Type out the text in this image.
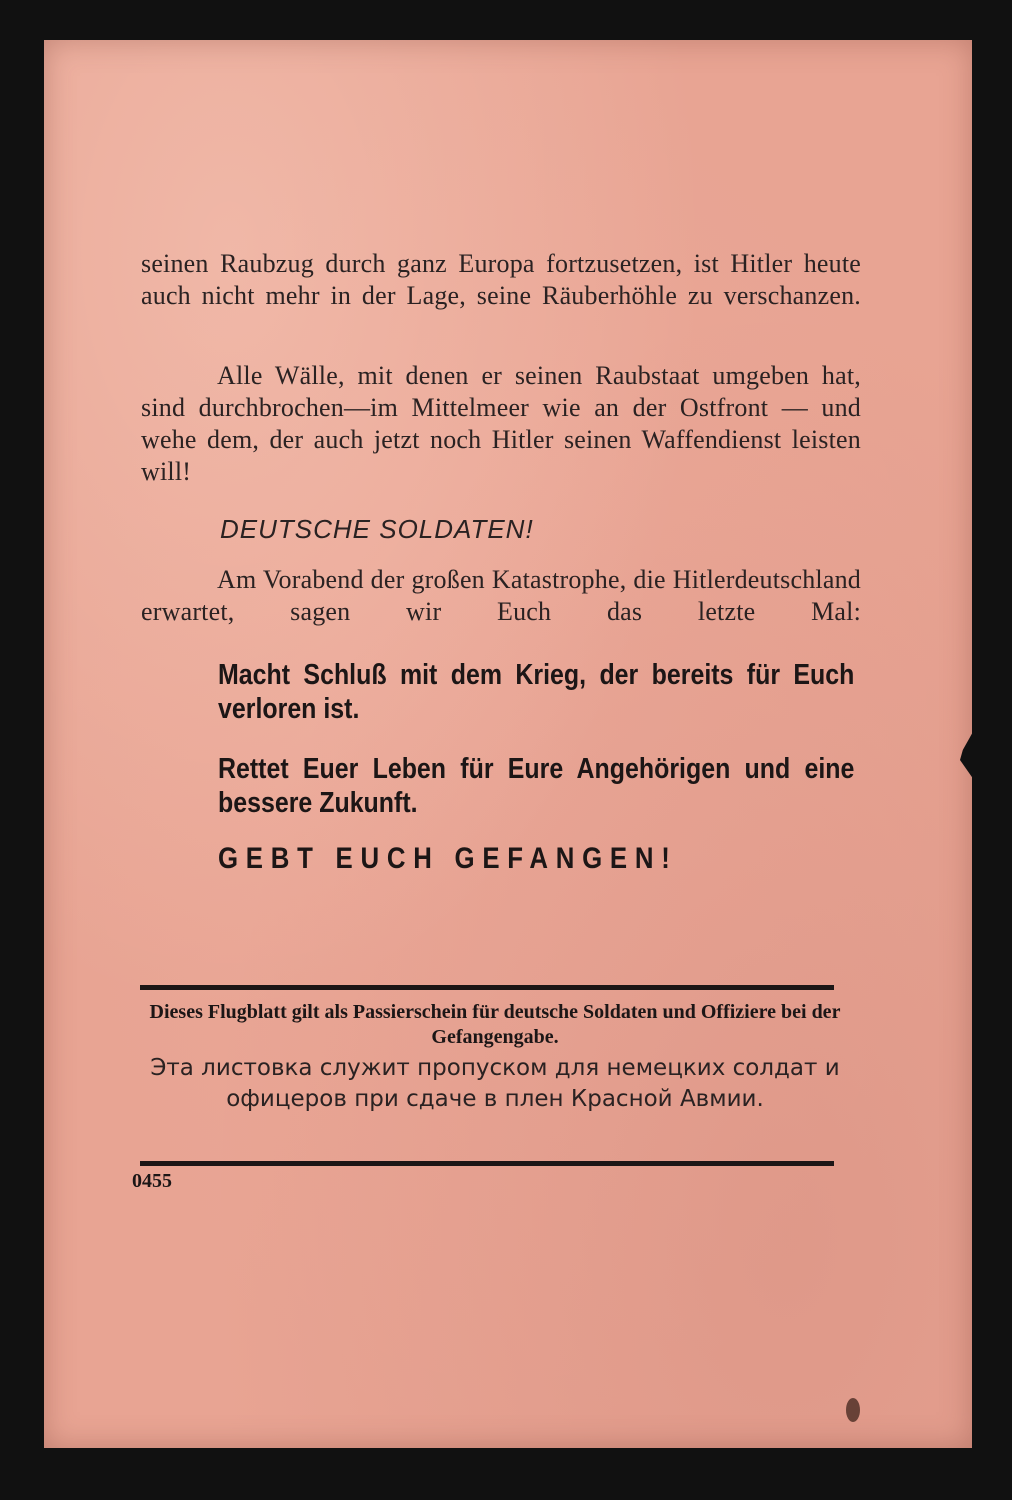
seinen Raubzug durch ganz Europa fortzusetzen, ist Hitler heute auch nicht mehr in der Lage, seine Räuberhöhle zu verschanzen.

Alle Wälle, mit denen er seinen Raubstaat umgeben hat, sind durchbrochen—im Mittelmeer wie an der Ostfront — und wehe dem, der auch jetzt noch Hitler seinen Waffendienst leisten will!

DEUTSCHE SOLDATEN!

Am Vorabend der großen Katastrophe, die Hitlerdeutschland erwartet, sagen wir Euch das letzte Mal:

Macht Schluß mit dem Krieg, der bereits für Euch verloren ist.

Rettet Euer Leben für Eure Angehörigen und eine bessere Zukunft.

GEBT EUCH GEFANGEN!

Dieses Flugblatt gilt als Passierschein für deutsche Soldaten und Offiziere bei der Gefangengabe.

Эта листовка служит пропуском для немецких солдат и офицеров при сдаче в плен Красной Авмии.

0455
